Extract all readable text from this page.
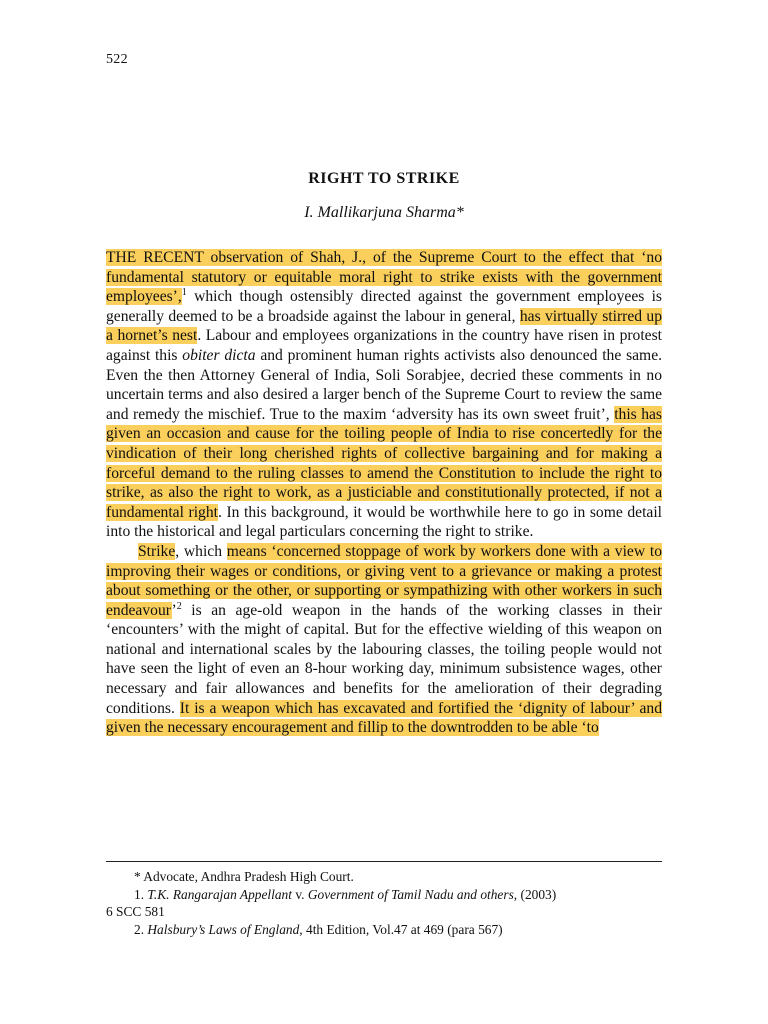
522
RIGHT TO STRIKE
I. Mallikarjuna Sharma*

THE RECENT observation of Shah, J., of the Supreme Court to the effect that ‘no fundamental statutory or equitable moral right to strike exists with the government employees’,$^1$ which though ostensibly directed against the government employees is generally deemed to be a broadside against the labour in general, has virtually stirred up a hornet’s nest. Labour and employees organizations in the country have risen in protest against this obiter dicta and prominent human rights activists also denounced the same. Even the then Attorney General of India, Soli Sorabjee, decried these comments in no uncertain terms and also desired a larger bench of the Supreme Court to review the same and remedy the mischief. True to the maxim ‘adversity has its own sweet fruit’, this has given an occasion and cause for the toiling people of India to rise concertedly for the vindication of their long cherished rights of collective bargaining and for making a forceful demand to the ruling classes to amend the Constitution to include the right to strike, as also the right to work, as a justiciable and constitutionally protected, if not a fundamental right. In this background, it would be worthwhile here to go in some detail into the historical and legal particulars concerning the right to strike.

Strike, which means ‘concerned stoppage of work by workers done with a view to improving their wages or conditions, or giving vent to a grievance or making a protest about something or the other, or supporting or sympathizing with other workers in such endeavour’$^2$ is an age-old weapon in the hands of the working classes in their ‘encounters’ with the might of capital. But for the effective wielding of this weapon on national and international scales by the labouring classes, the toiling people would not have seen the light of even an 8-hour working day, minimum subsistence wages, other necessary and fair allowances and benefits for the amelioration of their degrading conditions. It is a weapon which has excavated and fortified the ‘dignity of labour’ and given the necessary encouragement and fillip to the downtrodden to be able ‘to

* Advocate, Andhra Pradesh High Court.

1. T.K. Rangarajan Appellant v. Government of Tamil Nadu and others, (2003)

6 SCC 581

2. Halsbury’s Laws of England, 4th Edition, Vol.47 at 469 (para 567)
